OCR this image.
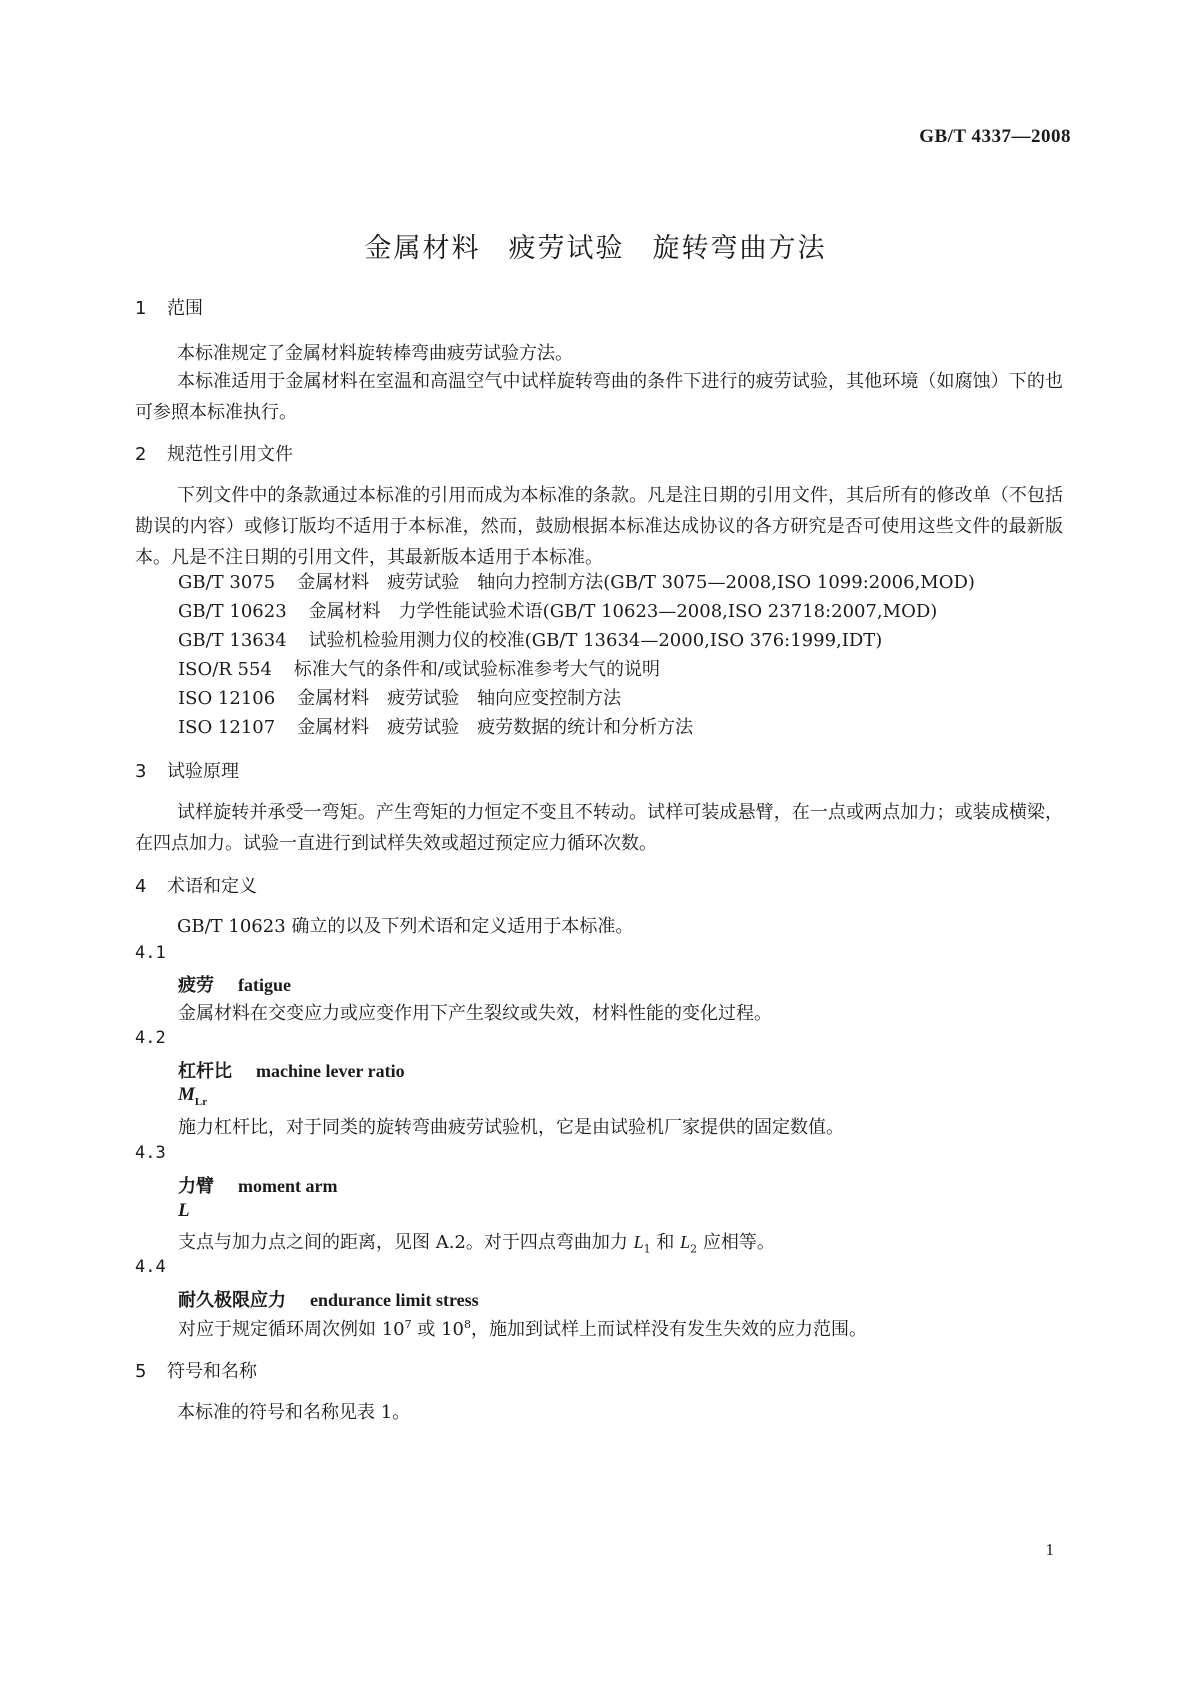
GB/T 4337—2008
金属材料 疲劳试验 旋转弯曲方法
1 范围
本标准规定了金属材料旋转棒弯曲疲劳试验方法。
本标准适用于金属材料在室温和高温空气中试样旋转弯曲的条件下进行的疲劳试验，其他环境（如腐蚀）下的也可参照本标准执行。
2 规范性引用文件
下列文件中的条款通过本标准的引用而成为本标准的条款。凡是注日期的引用文件，其后所有的修改单（不包括勘误的内容）或修订版均不适用于本标准，然而，鼓励根据本标准达成协议的各方研究是否可使用这些文件的最新版本。凡是不注日期的引用文件，其最新版本适用于本标准。
GB/T 3075 金属材料　疲劳试验　轴向力控制方法(GB/T 3075—2008,ISO 1099:2006,MOD)
GB/T 10623 金属材料　力学性能试验术语(GB/T 10623—2008,ISO 23718:2007,MOD)
GB/T 13634 试验机检验用测力仪的校准(GB/T 13634—2000,ISO 376:1999,IDT)
ISO/R 554 标准大气的条件和/或试验标准参考大气的说明
ISO 12106 金属材料　疲劳试验　轴向应变控制方法
ISO 12107 金属材料　疲劳试验　疲劳数据的统计和分析方法
3 试验原理
试样旋转并承受一弯矩。产生弯矩的力恒定不变且不转动。试样可装成悬臂，在一点或两点加力；或装成横梁，在四点加力。试验一直进行到试样失效或超过预定应力循环次数。
4 术语和定义
GB/T 10623 确立的以及下列术语和定义适用于本标准。
4.1
疲劳 fatigue
金属材料在交变应力或应变作用下产生裂纹或失效，材料性能的变化过程。
4.2
杠杆比 machine lever ratio
$M_{Lr}$
施力杠杆比，对于同类的旋转弯曲疲劳试验机，它是由试验机厂家提供的固定数值。
4.3
力臂 moment arm
L
支点与加力点之间的距离，见图 A.2。对于四点弯曲加力 $L_1$ 和 $L_2$ 应相等。
4.4
耐久极限应力 endurance limit stress
对应于规定循环周次例如 $10^7$ 或 $10^8$，施加到试样上而试样没有发生失效的应力范围。
5 符号和名称
本标准的符号和名称见表 1。
1
